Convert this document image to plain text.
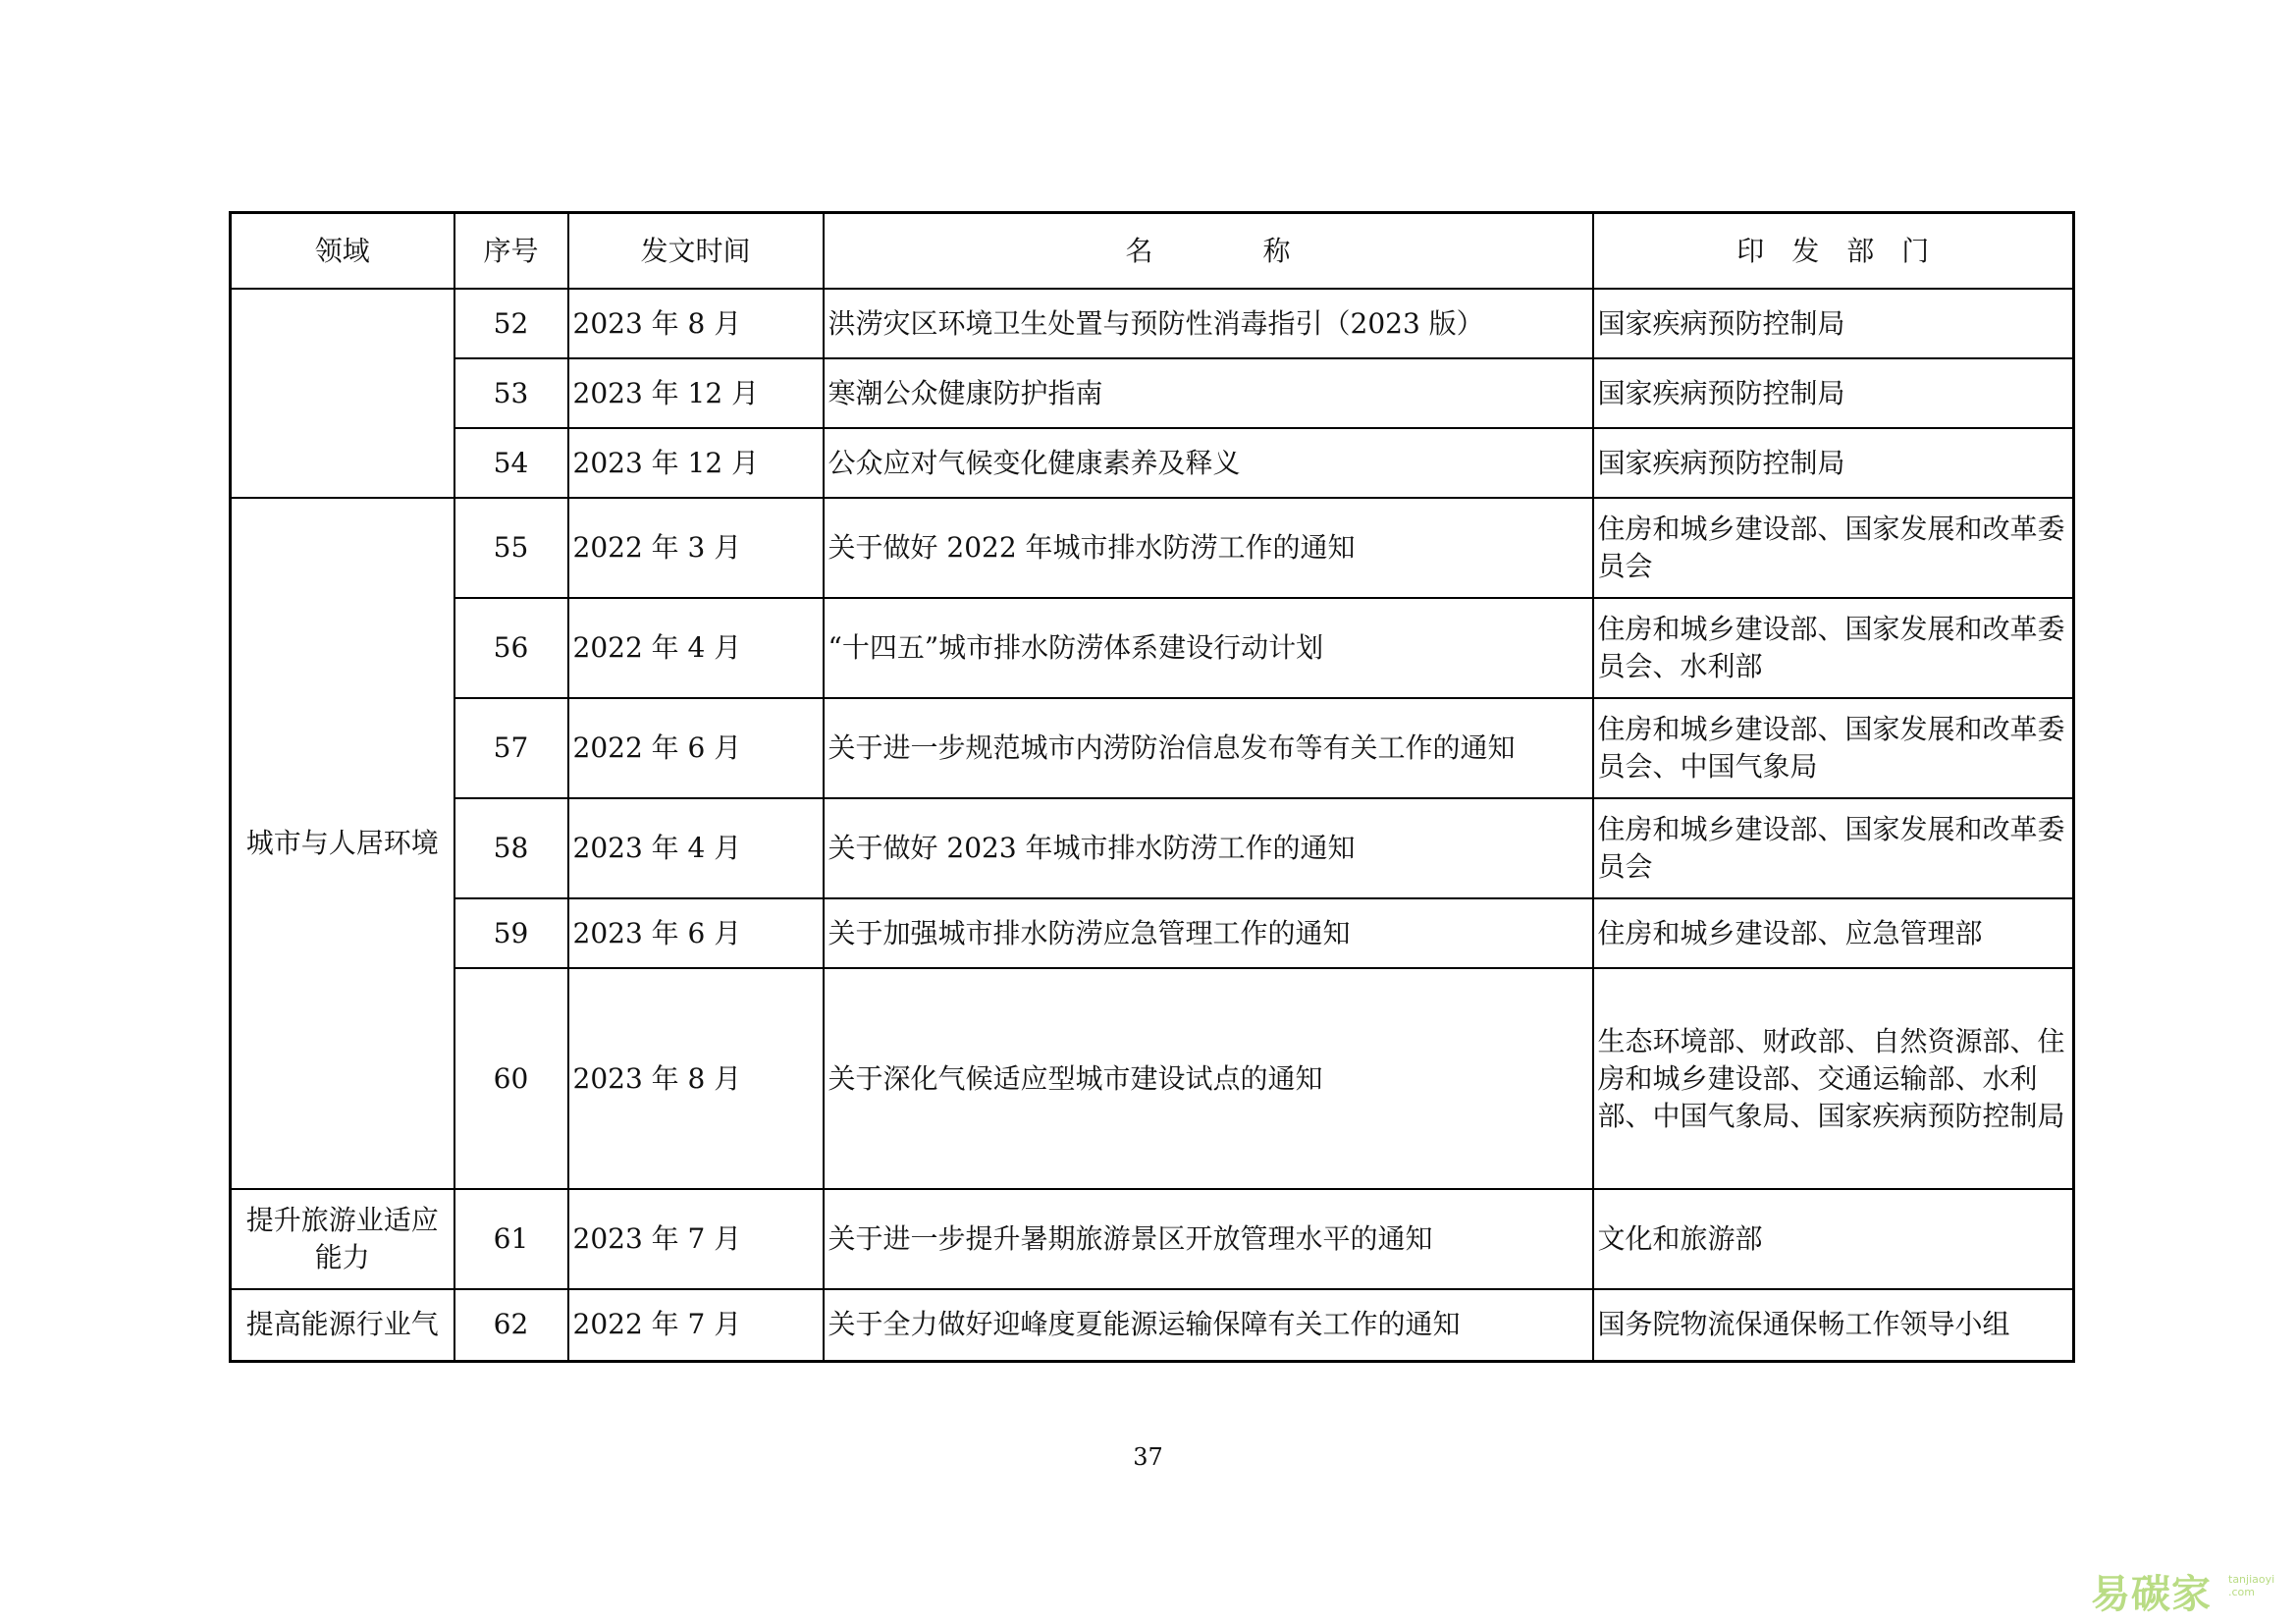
领域	序号	发文时间	名　　　　称	印　发　部　门
	52	2023 年 8 月	洪涝灾区环境卫生处置与预防性消毒指引（2023 版）	国家疾病预防控制局
	53	2023 年 12 月	寒潮公众健康防护指南	国家疾病预防控制局
	54	2023 年 12 月	公众应对气候变化健康素养及释义	国家疾病预防控制局
城市与人居环境	55	2022 年 3 月	关于做好 2022 年城市排水防涝工作的通知	住房和城乡建设部、国家发展和改革委员会
	56	2022 年 4 月	“十四五”城市排水防涝体系建设行动计划	住房和城乡建设部、国家发展和改革委员会、水利部
	57	2022 年 6 月	关于进一步规范城市内涝防治信息发布等有关工作的通知	住房和城乡建设部、国家发展和改革委员会、中国气象局
	58	2023 年 4 月	关于做好 2023 年城市排水防涝工作的通知	住房和城乡建设部、国家发展和改革委员会
	59	2023 年 6 月	关于加强城市排水防涝应急管理工作的通知	住房和城乡建设部、应急管理部
	60	2023 年 8 月	关于深化气候适应型城市建设试点的通知	生态环境部、财政部、自然资源部、住房和城乡建设部、交通运输部、水利部、中国气象局、国家疾病预防控制局
提升旅游业适应能力	61	2023 年 7 月	关于进一步提升暑期旅游景区开放管理水平的通知	文化和旅游部
提高能源行业气	62	2022 年 7 月	关于全力做好迎峰度夏能源运输保障有关工作的通知	国务院物流保通保畅工作领导小组
37
易碳家 tanjiaoyi .com
